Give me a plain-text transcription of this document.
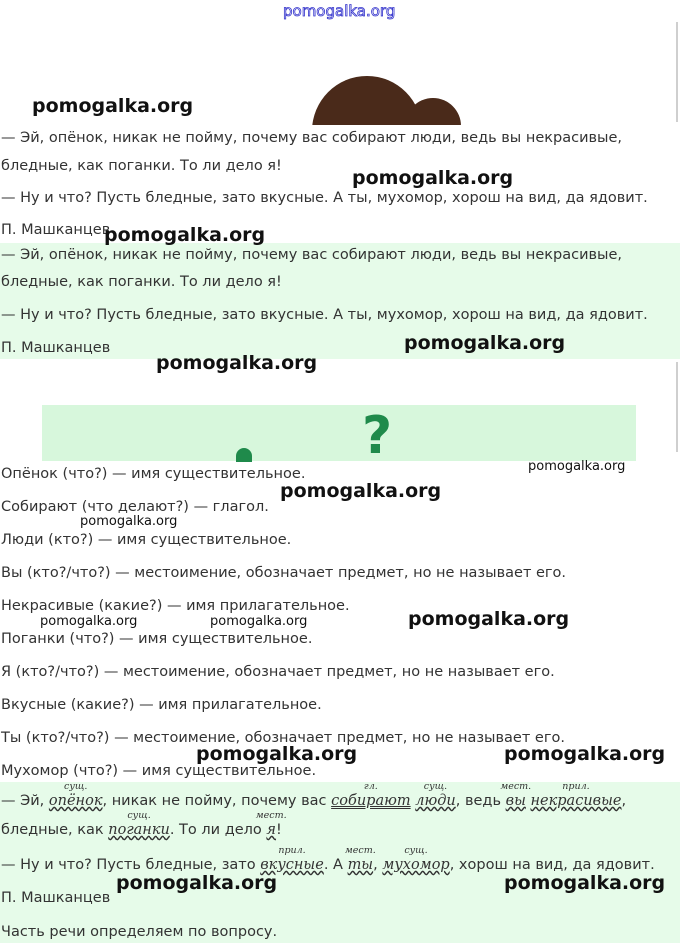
pomogalka.org
— Эй, опёнок, никак не пойму, почему вас собирают люди, ведь вы некрасивые,
бледные, как поганки. То ли дело я!
— Ну и что? Пусть бледные, зато вкусные. А ты, мухомор, хорош на вид, да ядовит.
П. Машканцев
— Эй, опёнок, никак не пойму, почему вас собирают люди, ведь вы некрасивые,
бледные, как поганки. То ли дело я!
— Ну и что? Пусть бледные, зато вкусные. А ты, мухомор, хорош на вид, да ядовит.
П. Машканцев
?
Опёнок (что?) — имя существительное.
Собирают (что делают?) — глагол.
Люди (кто?) — имя существительное.
Вы (кто?/что?) — местоимение, обозначает предмет, но не называет его.
Некрасивые (какие?) — имя прилагательное.
Поганки (что?) — имя существительное.
Я (кто?/что?) — местоимение, обозначает предмет, но не называет его.
Вкусные (какие?) — имя прилагательное.
Ты (кто?/что?) — местоимение, обозначает предмет, но не называет его.
Мухомор (что?) — имя существительное.
— Эй,
сущ.
опёнок, никак не пойму, почему вас
гл.
собирают
сущ.
люди, ведь
мест.
вы
прил.
некрасивые,
бледные, как
сущ.
поганки. То ли дело
мест.
я!
— Ну и что? Пусть бледные, зато
прил.
вкусные. А
мест.
ты,
сущ.
мухомор, хорош на вид, да ядовит.
П. Машканцев
Часть речи определяем по вопросу.
pomogalka.org
pomogalka.org
pomogalka.org
pomogalka.org
pomogalka.org
pomogalka.org
pomogalka.org
pomogalka.org
pomogalka.org
pomogalka.org	pomogalka.org
pomogalka.org	pomogalka.org
pomogalka.org	pomogalka.org
